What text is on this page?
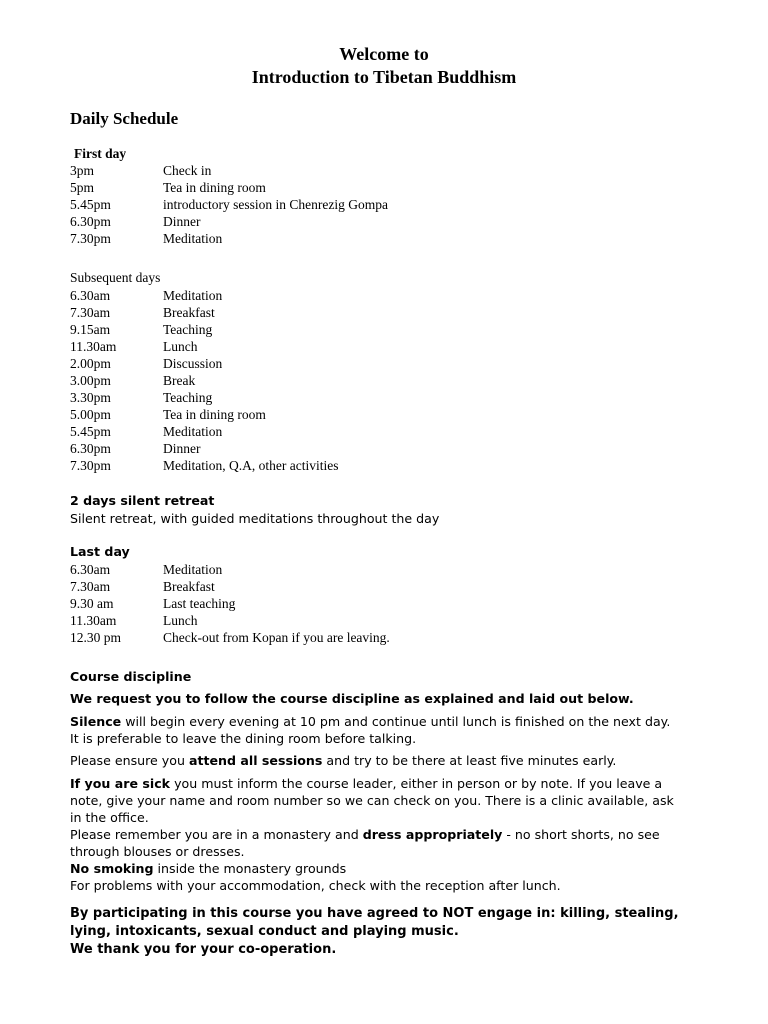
Welcome to
Introduction to Tibetan Buddhism
Daily Schedule
First day
3pm	Check in
5pm	Tea in dining room
5.45pm	introductory session in Chenrezig Gompa
6.30pm	Dinner
7.30pm	Meditation
Subsequent days
6.30am	Meditation
7.30am	Breakfast
9.15am	Teaching
11.30am	Lunch
2.00pm	Discussion
3.00pm	Break
3.30pm	Teaching
5.00pm	Tea in dining room
5.45pm	Meditation
6.30pm	Dinner
7.30pm	Meditation, Q.A, other activities
2 days silent retreat
Silent retreat, with guided meditations throughout the day
Last day
6.30am	Meditation
7.30am	Breakfast
9.30 am	Last teaching
11.30am	Lunch
12.30 pm	Check-out from Kopan if you are leaving.
Course discipline
We request you to follow the course discipline as explained and laid out below.
Silence will begin every evening at 10 pm and continue until lunch is finished on the next day. It is preferable to leave the dining room before talking.
Please ensure you attend all sessions and try to be there at least five minutes early.
If you are sick you must inform the course leader, either in person or by note. If you leave a note, give your name and room number so we can check on you. There is a clinic available, ask in the office.
Please remember you are in a monastery and dress appropriately - no short shorts, no see through blouses or dresses.
No smoking inside the monastery grounds
For problems with your accommodation, check with the reception after lunch.
By participating in this course you have agreed to NOT engage in: killing, stealing,
lying, intoxicants, sexual conduct and playing music.
We thank you for your co-operation.
